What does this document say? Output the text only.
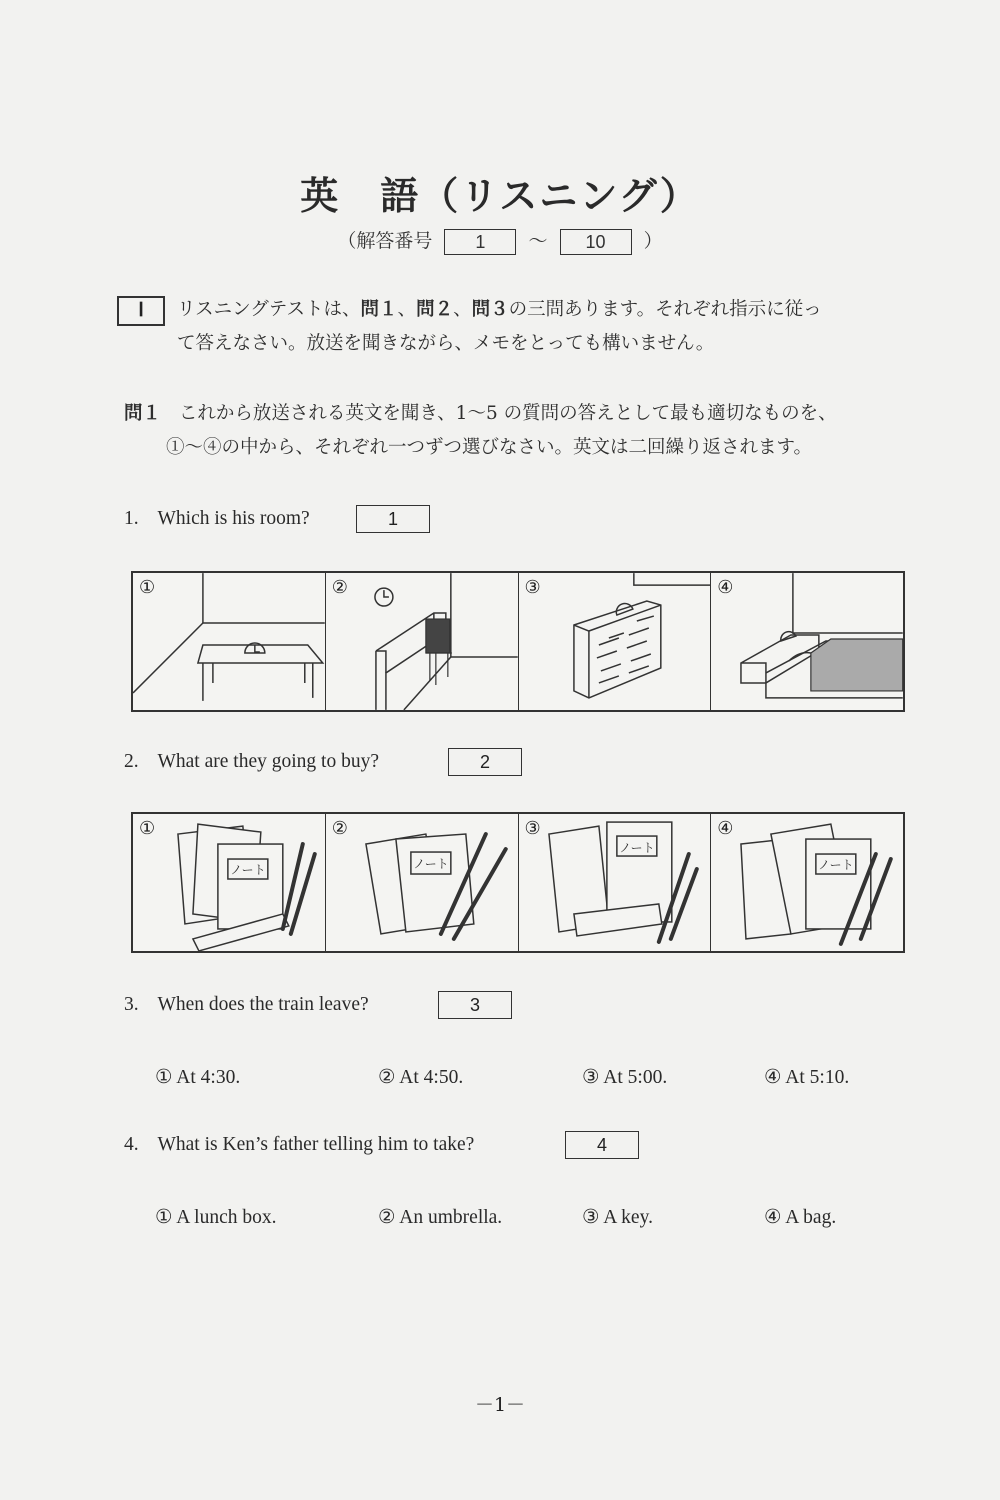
英　語（リスニング）
（解答番号 1 ～ 10 ）
Ⅰ	リスニングテストは、問１、問２、問３の三問あります。それぞれ指示に従っ
て答えなさい。放送を聞きながら、メモをとっても構いません。
問１ これから放送される英文を聞き、1～5 の質問の答えとして最も適切なものを、
①～④の中から、それぞれ一つずつ選びなさい。英文は二回繰り返されます。
1. Which is his room?	1
①	②	③	④
2. What are they going to buy?	2
①
ノート
②
ノート
③
ノート
④
ノート
3. When does the train leave?	3
① At 4:30.	② At 4:50.	③ At 5:00.	④ At 5:10.
4. What is Ken’s father telling him to take?	4
① A lunch box.	② An umbrella.	③ A key.	④ A bag.
－1－
